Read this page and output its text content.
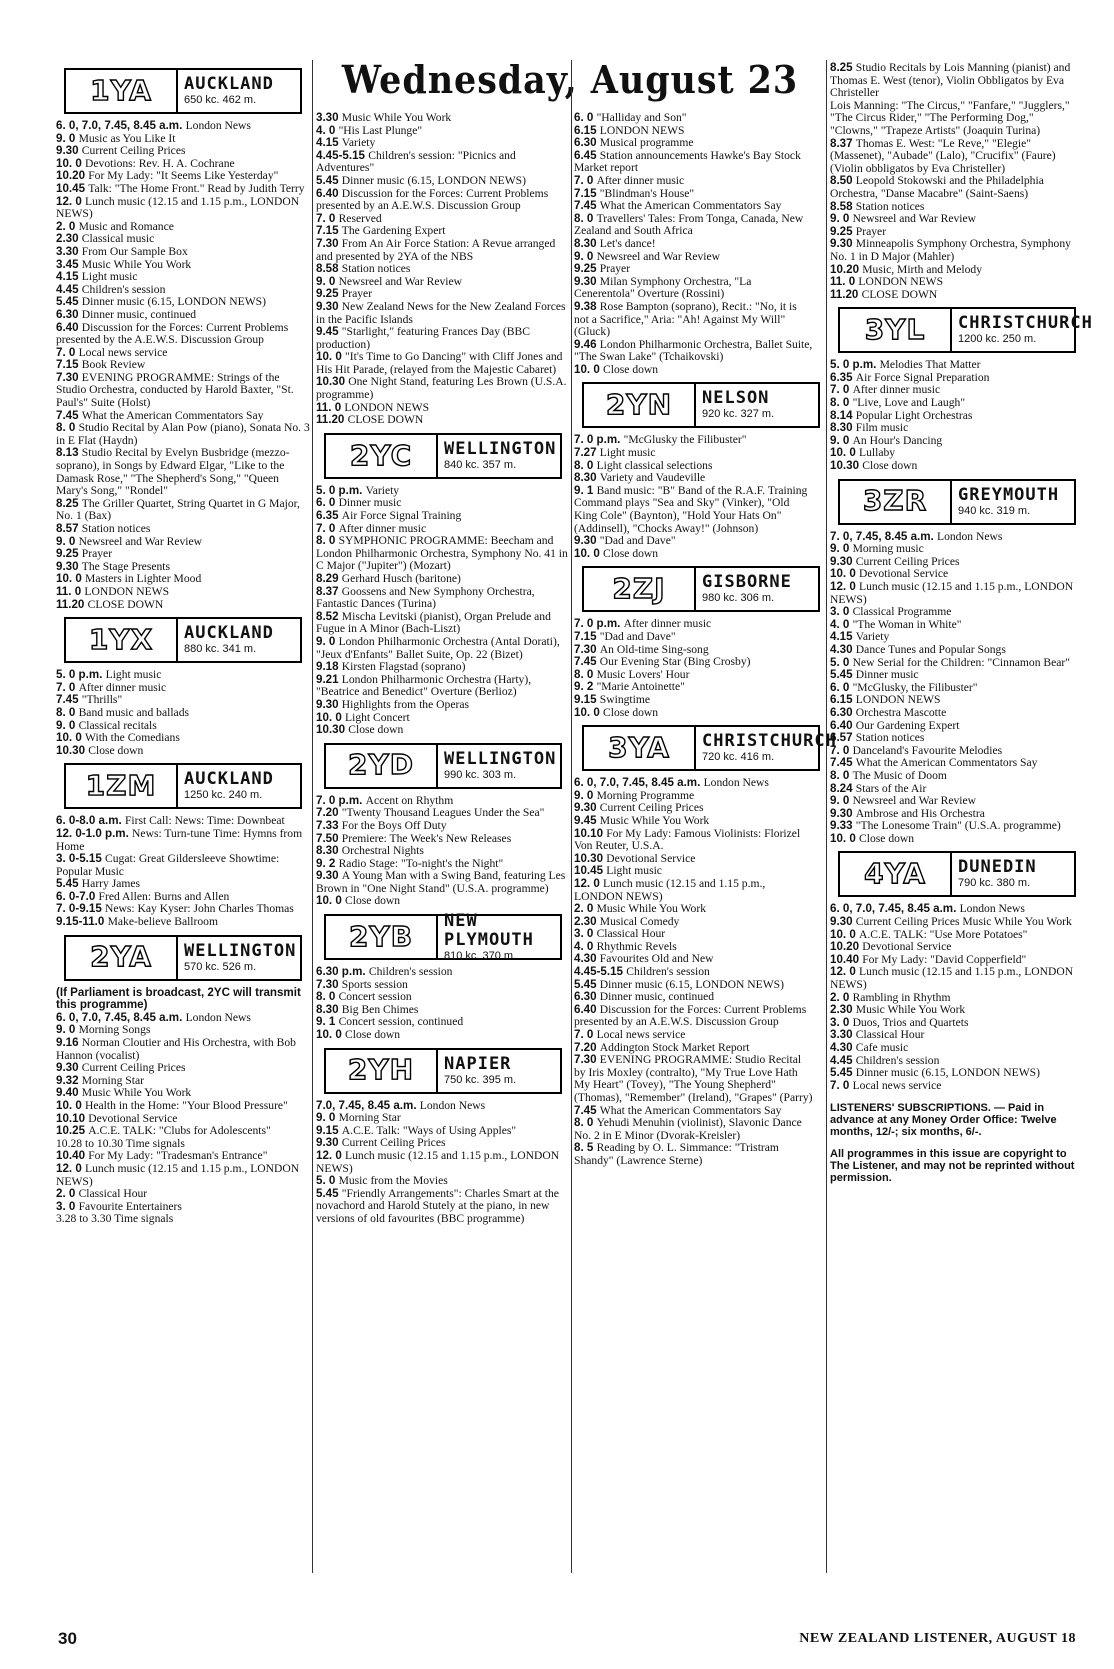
Wednesday, August 23
1YA	AUCKLAND
650 kc. 462 m.
6. 0, 7.0, 7.45, 8.45 a.m. London News
9. 0 Music as You Like It
9.30 Current Ceiling Prices
10. 0 Devotions: Rev. H. A. Cochrane
10.20 For My Lady: "It Seems Like Yesterday"
10.45 Talk: "The Home Front." Read by Judith Terry
12. 0 Lunch music (12.15 and 1.15 p.m., LONDON NEWS)
2. 0 Music and Romance
2.30 Classical music
3.30 From Our Sample Box
3.45 Music While You Work
4.15 Light music
4.45 Children's session
5.45 Dinner music (6.15, LONDON NEWS)
6.30 Dinner music, continued
6.40 Discussion for the Forces: Current Problems presented by the A.E.W.S. Discussion Group
7. 0 Local news service
7.15 Book Review
7.30 EVENING PROGRAMME: Strings of the Studio Orchestra, conducted by Harold Baxter, "St. Paul's" Suite (Holst)
7.45 What the American Commentators Say
8. 0 Studio Recital by Alan Pow (piano), Sonata No. 3 in E Flat (Haydn)
8.13 Studio Recital by Evelyn Busbridge (mezzo-soprano), in Songs by Edward Elgar, "Like to the Damask Rose," "The Shepherd's Song," "Queen Mary's Song," "Rondel"
8.25 The Griller Quartet, String Quartet in G Major, No. 1 (Bax)
8.57 Station notices
9. 0 Newsreel and War Review
9.25 Prayer
9.30 The Stage Presents
10. 0 Masters in Lighter Mood
11. 0 LONDON NEWS
11.20 CLOSE DOWN
1YX	AUCKLAND
880 kc. 341 m.
5. 0 p.m. Light music
7. 0 After dinner music
7.45 "Thrills"
8. 0 Band music and ballads
9. 0 Classical recitals
10. 0 With the Comedians
10.30 Close down
1ZM	AUCKLAND
1250 kc. 240 m.
6. 0-8.0 a.m. First Call: News: Time: Downbeat
12. 0-1.0 p.m. News: Turn-tune Time: Hymns from Home
3. 0-5.15 Cugat: Great Gildersleeve Showtime: Popular Music
5.45 Harry James
6. 0-7.0 Fred Allen: Burns and Allen
7. 0-9.15 News: Kay Kyser: John Charles Thomas
9.15-11.0 Make-believe Ballroom
2YA	WELLINGTON
570 kc. 526 m.
(If Parliament is broadcast, 2YC will transmit this programme)
6. 0, 7.0, 7.45, 8.45 a.m. London News
9. 0 Morning Songs
9.16 Norman Cloutier and His Orchestra, with Bob Hannon (vocalist)
9.30 Current Ceiling Prices
9.32 Morning Star
9.40 Music While You Work
10. 0 Health in the Home: "Your Blood Pressure"
10.10 Devotional Service
10.25 A.C.E. TALK: "Clubs for Adolescents"
10.28 to 10.30 Time signals
10.40 For My Lady: "Tradesman's Entrance"
12. 0 Lunch music (12.15 and 1.15 p.m., LONDON NEWS)
2. 0 Classical Hour
3. 0 Favourite Entertainers
3.28 to 3.30 Time signals
3.30 Music While You Work
4. 0 "His Last Plunge"
4.15 Variety
4.45-5.15 Children's session: "Picnics and Adventures"
5.45 Dinner music (6.15, LONDON NEWS)
6.40 Discussion for the Forces: Current Problems presented by an A.E.W.S. Discussion Group
7. 0 Reserved
7.15 The Gardening Expert
7.30 From An Air Force Station: A Revue arranged and presented by 2YA of the NBS
8.58 Station notices
9. 0 Newsreel and War Review
9.25 Prayer
9.30 New Zealand News for the New Zealand Forces in the Pacific Islands
9.45 "Starlight," featuring Frances Day (BBC production)
10. 0 "It's Time to Go Dancing" with Cliff Jones and His Hit Parade, (relayed from the Majestic Cabaret)
10.30 One Night Stand, featuring Les Brown (U.S.A. programme)
11. 0 LONDON NEWS
11.20 CLOSE DOWN
2YC	WELLINGTON
840 kc. 357 m.
5. 0 p.m. Variety
6. 0 Dinner music
6.35 Air Force Signal Training
7. 0 After dinner music
8. 0 SYMPHONIC PROGRAMME: Beecham and London Philharmonic Orchestra, Symphony No. 41 in C Major ("Jupiter") (Mozart)
8.29 Gerhard Husch (baritone)
8.37 Goossens and New Symphony Orchestra, Fantastic Dances (Turina)
8.52 Mischa Levitski (pianist), Organ Prelude and Fugue in A Minor (Bach-Liszt)
9. 0 London Philharmonic Orchestra (Antal Dorati), "Jeux d'Enfants" Ballet Suite, Op. 22 (Bizet)
9.18 Kirsten Flagstad (soprano)
9.21 London Philharmonic Orchestra (Harty), "Beatrice and Benedict" Overture (Berlioz)
9.30 Highlights from the Operas
10. 0 Light Concert
10.30 Close down
2YD	WELLINGTON
990 kc. 303 m.
7. 0 p.m. Accent on Rhythm
7.20 "Twenty Thousand Leagues Under the Sea"
7.33 For the Boys Off Duty
7.50 Premiere: The Week's New Releases
8.30 Orchestral Nights
9. 2 Radio Stage: "To-night's the Night"
9.30 A Young Man with a Swing Band, featuring Les Brown in "One Night Stand" (U.S.A. programme)
10. 0 Close down
2YB	NEW PLYMOUTH
810 kc. 370 m.
6.30 p.m. Children's session
7.30 Sports session
8. 0 Concert session
8.30 Big Ben Chimes
9. 1 Concert session, continued
10. 0 Close down
2YH	NAPIER
750 kc. 395 m.
7.0, 7.45, 8.45 a.m. London News
9. 0 Morning Star
9.15 A.C.E. Talk: "Ways of Using Apples"
9.30 Current Ceiling Prices
12. 0 Lunch music (12.15 and 1.15 p.m., LONDON NEWS)
5. 0 Music from the Movies
5.45 "Friendly Arrangements": Charles Smart at the novachord and Harold Stutely at the piano, in new versions of old favourites (BBC programme)
6. 0 "Halliday and Son"
6.15 LONDON NEWS
6.30 Musical programme
6.45 Station announcements Hawke's Bay Stock Market report
7. 0 After dinner music
7.15 "Blindman's House"
7.45 What the American Commentators Say
8. 0 Travellers' Tales: From Tonga, Canada, New Zealand and South Africa
8.30 Let's dance!
9. 0 Newsreel and War Review
9.25 Prayer
9.30 Milan Symphony Orchestra, "La Cenerentola" Overture (Rossini)
9.38 Rose Bampton (soprano), Recit.: "No, it is not a Sacrifice," Aria: "Ah! Against My Will" (Gluck)
9.46 London Philharmonic Orchestra, Ballet Suite, "The Swan Lake" (Tchaikovski)
10. 0 Close down
2YN	NELSON
920 kc. 327 m.
7. 0 p.m. "McGlusky the Filibuster"
7.27 Light music
8. 0 Light classical selections
8.30 Variety and Vaudeville
9. 1 Band music: "B" Band of the R.A.F. Training Command plays "Sea and Sky" (Vinker), "Old King Cole" (Baynton), "Hold Your Hats On" (Addinsell), "Chocks Away!" (Johnson)
9.30 "Dad and Dave"
10. 0 Close down
2ZJ	GISBORNE
980 kc. 306 m.
7. 0 p.m. After dinner music
7.15 "Dad and Dave"
7.30 An Old-time Sing-song
7.45 Our Evening Star (Bing Crosby)
8. 0 Music Lovers' Hour
9. 2 "Marie Antoinette"
9.15 Swingtime
10. 0 Close down
3YA	CHRISTCHURCH
720 kc. 416 m.
6. 0, 7.0, 7.45, 8.45 a.m. London News
9. 0 Morning Programme
9.30 Current Ceiling Prices
9.45 Music While You Work
10.10 For My Lady: Famous Violinists: Florizel Von Reuter, U.S.A.
10.30 Devotional Service
10.45 Light music
12. 0 Lunch music (12.15 and 1.15 p.m., LONDON NEWS)
2. 0 Music While You Work
2.30 Musical Comedy
3. 0 Classical Hour
4. 0 Rhythmic Revels
4.30 Favourites Old and New
4.45-5.15 Children's session
5.45 Dinner music (6.15, LONDON NEWS)
6.30 Dinner music, continued
6.40 Discussion for the Forces: Current Problems presented by an A.E.W.S. Discussion Group
7. 0 Local news service
7.20 Addington Stock Market Report
7.30 EVENING PROGRAMME: Studio Recital by Iris Moxley (contralto), "My True Love Hath My Heart" (Tovey), "The Young Shepherd" (Thomas), "Remember" (Ireland), "Grapes" (Parry)
7.45 What the American Commentators Say
8. 0 Yehudi Menuhin (violinist), Slavonic Dance No. 2 in E Minor (Dvorak-Kreisler)
8. 5 Reading by O. L. Simmance: "Tristram Shandy" (Lawrence Sterne)
8.25 Studio Recitals by Lois Manning (pianist) and Thomas E. West (tenor), Violin Obbligatos by Eva Christeller
Lois Manning: "The Circus," "Fanfare," "Jugglers," "The Circus Rider," "The Performing Dog," "Clowns," "Trapeze Artists" (Joaquin Turina)
8.37 Thomas E. West: "Le Reve," "Elegie" (Massenet), "Aubade" (Lalo), "Crucifix" (Faure) (Violin obbligatos by Eva Christeller)
8.50 Leopold Stokowski and the Philadelphia Orchestra, "Danse Macabre" (Saint-Saens)
8.58 Station notices
9. 0 Newsreel and War Review
9.25 Prayer
9.30 Minneapolis Symphony Orchestra, Symphony No. 1 in D Major (Mahler)
10.20 Music, Mirth and Melody
11. 0 LONDON NEWS
11.20 CLOSE DOWN
3YL	CHRISTCHURCH
1200 kc. 250 m.
5. 0 p.m. Melodies That Matter
6.35 Air Force Signal Preparation
7. 0 After dinner music
8. 0 "Live, Love and Laugh"
8.14 Popular Light Orchestras
8.30 Film music
9. 0 An Hour's Dancing
10. 0 Lullaby
10.30 Close down
3ZR	GREYMOUTH
940 kc. 319 m.
7. 0, 7.45, 8.45 a.m. London News
9. 0 Morning music
9.30 Current Ceiling Prices
10. 0 Devotional Service
12. 0 Lunch music (12.15 and 1.15 p.m., LONDON NEWS)
3. 0 Classical Programme
4. 0 "The Woman in White"
4.15 Variety
4.30 Dance Tunes and Popular Songs
5. 0 New Serial for the Children: "Cinnamon Bear"
5.45 Dinner music
6. 0 "McGlusky, the Filibuster"
6.15 LONDON NEWS
6.30 Orchestra Mascotte
6.40 Our Gardening Expert
6.57 Station notices
7. 0 Danceland's Favourite Melodies
7.45 What the American Commentators Say
8. 0 The Music of Doom
8.24 Stars of the Air
9. 0 Newsreel and War Review
9.30 Ambrose and His Orchestra
9.33 "The Lonesome Train" (U.S.A. programme)
10. 0 Close down
4YA	DUNEDIN
790 kc. 380 m.
6. 0, 7.0, 7.45, 8.45 a.m. London News
9.30 Current Ceiling Prices Music While You Work
10. 0 A.C.E. TALK: "Use More Potatoes"
10.20 Devotional Service
10.40 For My Lady: "David Copperfield"
12. 0 Lunch music (12.15 and 1.15 p.m., LONDON NEWS)
2. 0 Rambling in Rhythm
2.30 Music While You Work
3. 0 Duos, Trios and Quartets
3.30 Classical Hour
4.30 Cafe music
4.45 Children's session
5.45 Dinner music (6.15, LONDON NEWS)
7. 0 Local news service
LISTENERS' SUBSCRIPTIONS. — Paid in advance at any Money Order Office: Twelve months, 12/-; six months, 6/-.
All programmes in this issue are copyright to The Listener, and may not be reprinted without permission.
30	NEW ZEALAND LISTENER, AUGUST 18
